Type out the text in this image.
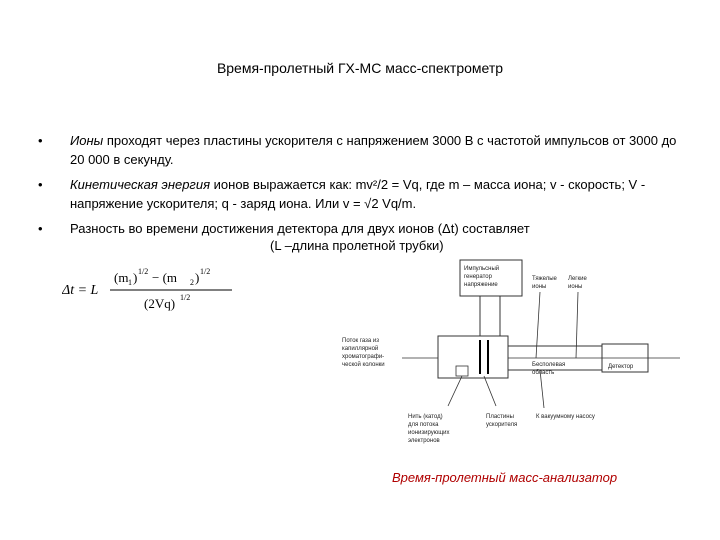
Время-пролетный ГХ-МС масс-спектрометр
• Ионы проходят через пластины ускорителя с напряжением 3000 В с частотой импульсов от 3000 до 20 000 в секунду.
• Кинетическая энергия ионов выражается как: mv²/2 = Vq, где m – масса иона; v - скорость; V - напряжение ускорителя; q - заряд иона. Или v = √2 Vq/m.
• Разность во времени достижения детектора для двух ионов (Δt) составляет
(L –длина пролетной трубки)
Δt = L
(m 1 ) 1/2 − (m 2 ) 1/2
(2Vq) 1/2
Импульсный
генератор
напряжение
Тяжелые
ионы
Легкие
ионы
Детектор
Бесполевая
область
Поток газа из
капиллярной
хроматографи-
ческой колонки
Нить (катод)
для потока
ионизирующих
электронов
Пластины
ускорителя
К вакуумному насосу
Время-пролетный масс-анализатор
